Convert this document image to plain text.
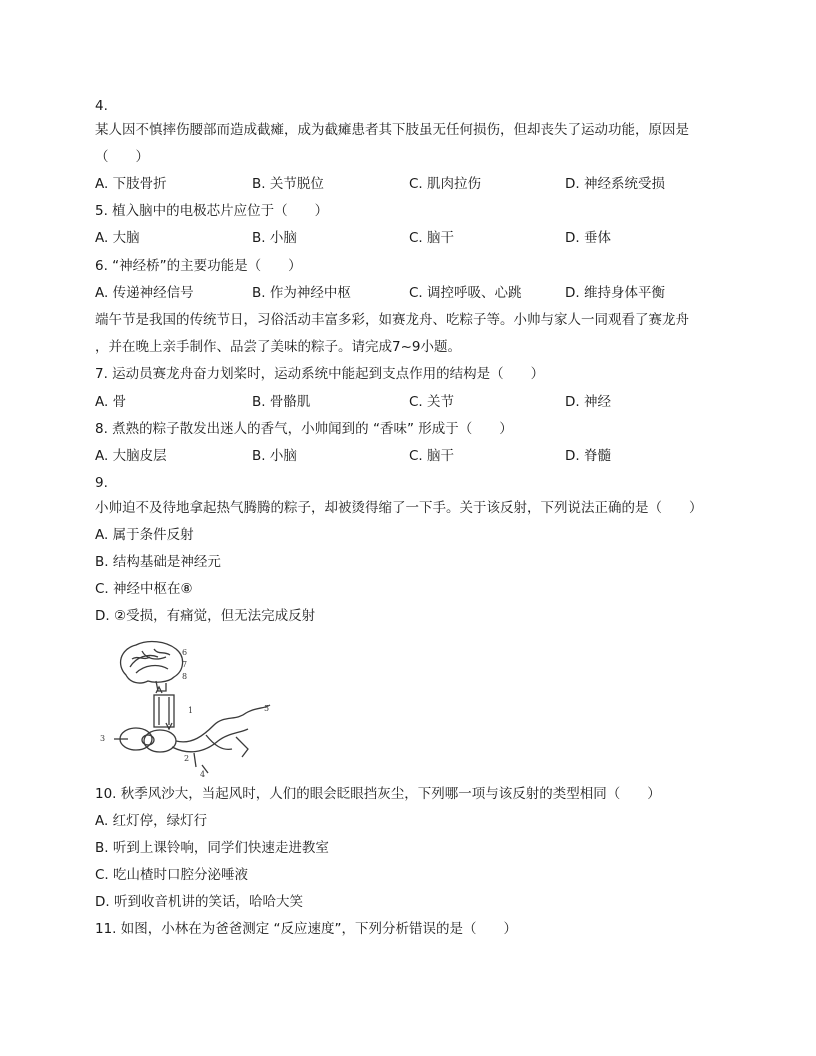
4.
某人因不慎摔伤腰部而造成截瘫，成为截瘫患者其下肢虽无任何损伤，但却丧失了运动功能，原因是
（　　）
A. 下肢骨折	B. 关节脱位	C. 肌肉拉伤	D. 神经系统受损
5. 植入脑中的电极芯片应位于（　　）
A. 大脑	B. 小脑	C. 脑干	D. 垂体
6. “神经桥”的主要功能是（　　）
A. 传递神经信号	B. 作为神经中枢	C. 调控呼吸、心跳	D. 维持身体平衡
端午节是我国的传统节日，习俗活动丰富多彩，如赛龙舟、吃粽子等。小帅与家人一同观看了赛龙舟
，并在晚上亲手制作、品尝了美味的粽子。请完成7~9小题。
7. 运动员赛龙舟奋力划桨时，运动系统中能起到支点作用的结构是（　　）
A. 骨	B. 骨骼肌	C. 关节	D. 神经
8. 煮熟的粽子散发出迷人的香气，小帅闻到的 “香味” 形成于（　　）
A. 大脑皮层	B. 小脑	C. 脑干	D. 脊髓
9.
小帅迫不及待地拿起热气腾腾的粽子，却被烫得缩了一下手。关于该反射，下列说法正确的是（　　）
A. 属于条件反射
B. 结构基础是神经元
C. 神经中枢在⑧
D. ②受损，有痛觉，但无法完成反射
6
7
8
1
2
3
4
5
10. 秋季风沙大，当起风时，人们的眼会眨眼挡灰尘，下列哪一项与该反射的类型相同（　　）
A. 红灯停，绿灯行
B. 听到上课铃响，同学们快速走进教室
C. 吃山楂时口腔分泌唾液
D. 听到收音机讲的笑话，哈哈大笑
11. 如图，小林在为爸爸测定 “反应速度”，下列分析错误的是（　　）
